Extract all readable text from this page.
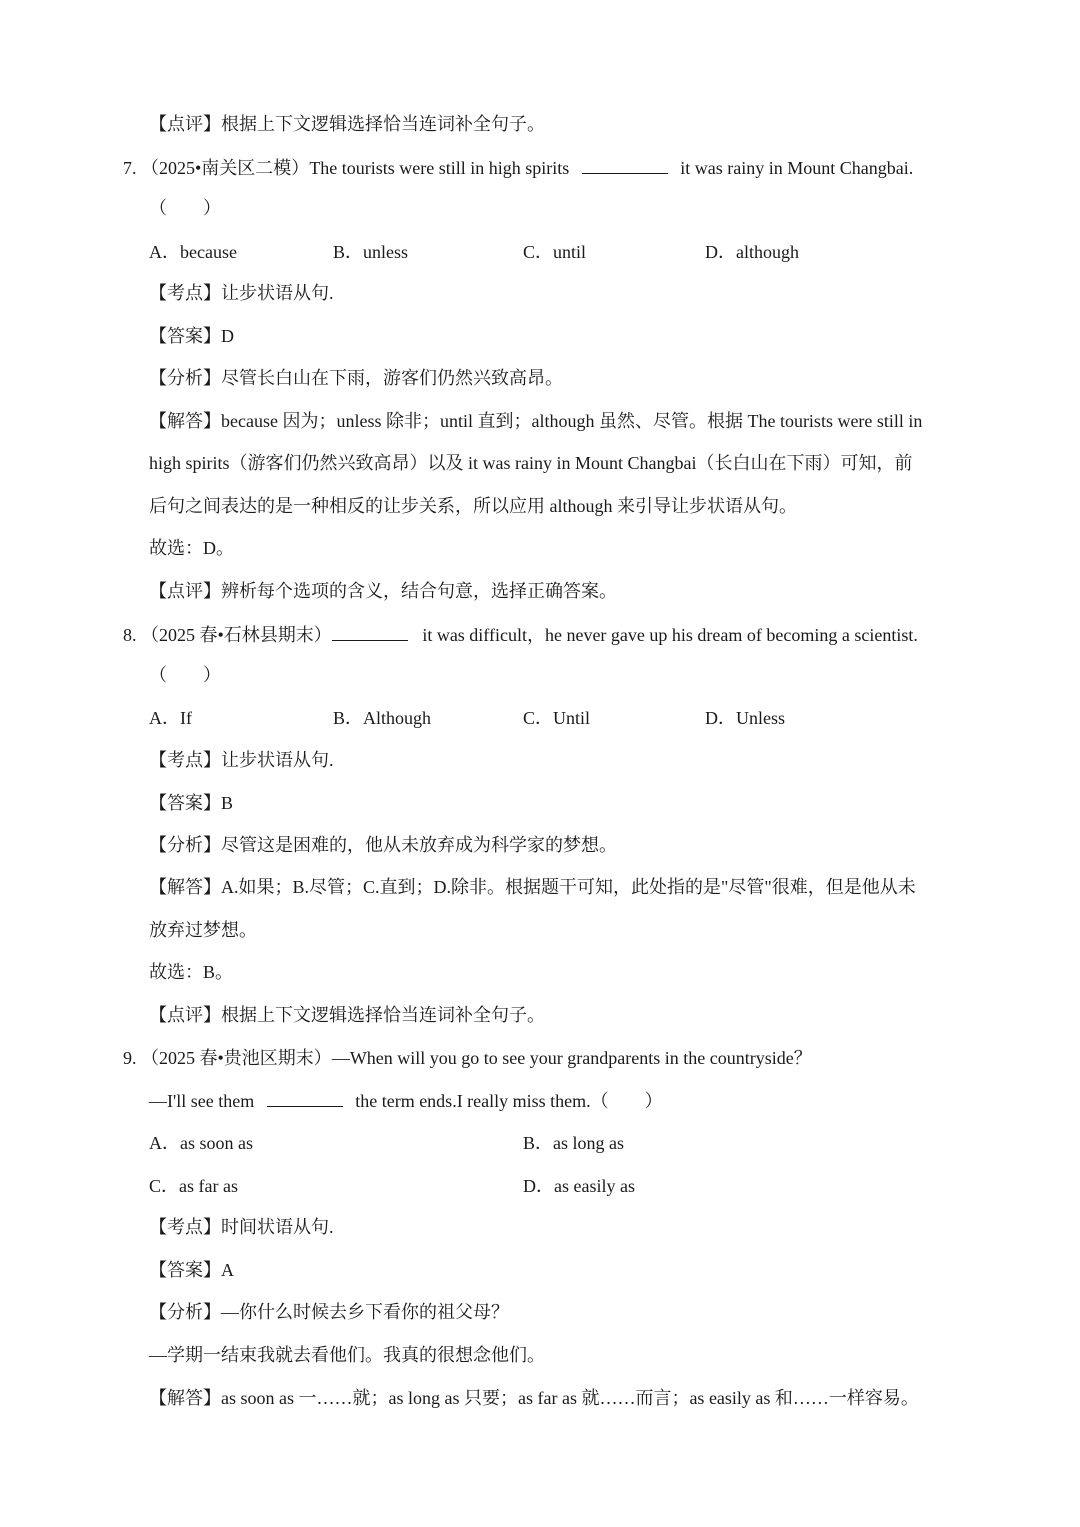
【点评】根据上下文逻辑选择恰当连词补全句子。
7. （2025•南关区二模）The tourists were still in high spirits	it was rainy in Mount Changbai.
（　　）
A．because	B．unless	C．until	D．although
【考点】让步状语从句.
【答案】D
【分析】尽管长白山在下雨，游客们仍然兴致高昂。
【解答】because 因为；unless 除非；until 直到；although 虽然、尽管。根据 The tourists were still in
high spirits（游客们仍然兴致高昂）以及 it was rainy in Mount Changbai（长白山在下雨）可知，前
后句之间表达的是一种相反的让步关系，所以应用 although 来引导让步状语从句。
故选：D。
【点评】辨析每个选项的含义，结合句意，选择正确答案。
8. （2025 春•石林县期末）	it was difficult，he never gave up his dream of becoming a scientist.
（　　）
A．If	B．Although	C．Until	D．Unless
【考点】让步状语从句.
【答案】B
【分析】尽管这是困难的，他从未放弃成为科学家的梦想。
【解答】A.如果；B.尽管；C.直到；D.除非。根据题干可知，此处指的是"尽管"很难，但是他从未
放弃过梦想。
故选：B。
【点评】根据上下文逻辑选择恰当连词补全句子。
9. （2025 春•贵池区期末）—When will you go to see your grandparents in the countryside？
—I'll see them	the term ends.I really miss them.（　　）
A．as soon as	B．as long as
C．as far as	D．as easily as
【考点】时间状语从句.
【答案】A
【分析】—你什么时候去乡下看你的祖父母？
—学期一结束我就去看他们。我真的很想念他们。
【解答】as soon as 一……就；as long as 只要；as far as 就……而言；as easily as 和……一样容易。
